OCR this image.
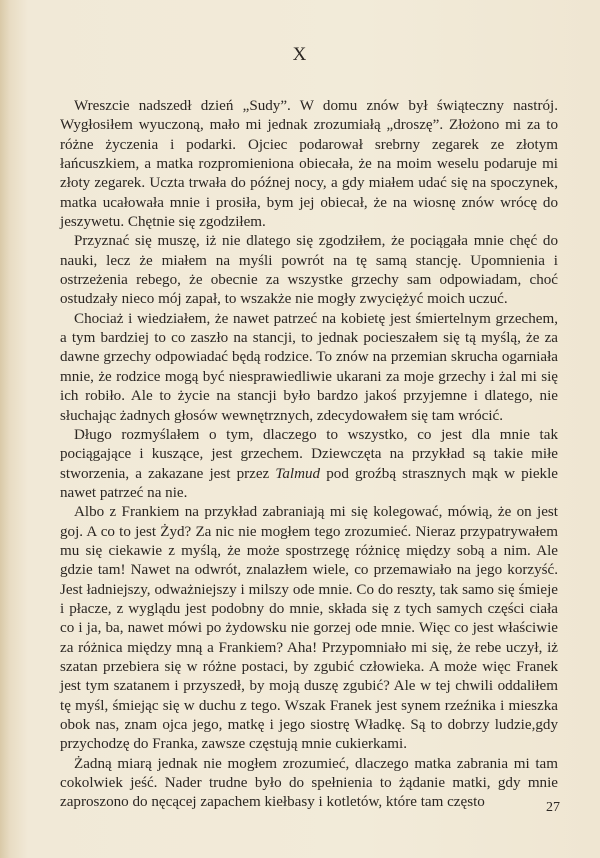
X

Wreszcie nadszedł dzień „Sudy”. W domu znów był świąteczny nastrój. Wygłosiłem wyuczoną, mało mi jednak zrozumiałą „droszę”. Złożono mi za to różne życzenia i podarki. Ojciec podarował srebrny zegarek ze złotym łańcuszkiem, a matka rozpromieniona obiecała, że na moim weselu podaruje mi złoty zegarek. Uczta trwała do późnej nocy, a gdy miałem udać się na spoczynek, matka ucałowała mnie i prosiła, bym jej obiecał, że na wiosnę znów wrócę do jeszywetu. Chętnie się zgodziłem.

Przyznać się muszę, iż nie dlatego się zgodziłem, że pociągała mnie chęć do nauki, lecz że miałem na myśli powrót na tę samą stancję. Upomnienia i ostrzeżenia rebego, że obecnie za wszystke grzechy sam odpowiadam, choć ostudzały nieco mój zapał, to wszakże nie mogły zwyciężyć moich uczuć.

Chociaż i wiedziałem, że nawet patrzeć na kobietę jest śmiertelnym grzechem, a tym bardziej to co zaszło na stancji, to jednak pocieszałem się tą myślą, że za dawne grzechy odpowiadać będą rodzice. To znów na przemian skrucha ogarniała mnie, że rodzice mogą być niesprawiedliwie ukarani za moje grzechy i żal mi się ich robiło. Ale to życie na stancji było bardzo jakoś przyjemne i dlatego, nie słuchając żadnych głosów wewnętrznych, zdecydowałem się tam wrócić.

Długo rozmyślałem o tym, dlaczego to wszystko, co jest dla mnie tak pociągające i kuszące, jest grzechem. Dziewczęta na przykład są takie miłe stworzenia, a zakazane jest przez Talmud pod groźbą strasznych mąk w piekle nawet patrzeć na nie.

Albo z Frankiem na przykład zabraniają mi się kolegować, mówią, że on jest goj. A co to jest Żyd? Za nic nie mogłem tego zrozumieć. Nieraz przypatrywałem mu się ciekawie z myślą, że może spostrzegę różnicę między sobą a nim. Ale gdzie tam! Nawet na odwrót, znalazłem wiele, co przemawiało na jego korzyść. Jest ładniejszy, odważniejszy i milszy ode mnie. Co do reszty, tak samo się śmieje i płacze, z wyglądu jest podobny do mnie, składa się z tych samych części ciała co i ja, ba, nawet mówi po żydowsku nie gorzej ode mnie. Więc co jest właściwie za różnica między mną a Frankiem? Aha! Przypomniało mi się, że rebe uczył, iż szatan przebiera się w różne postaci, by zgubić człowieka. A może więc Franek jest tym szatanem i przyszedł, by moją duszę zgubić? Ale w tej chwili oddaliłem tę myśl, śmiejąc się w duchu z tego. Wszak Franek jest synem rzeźnika i mieszka obok nas, znam ojca jego, matkę i jego siostrę Władkę. Są to dobrzy ludzie,gdy przychodzę do Franka, zawsze częstują mnie cukierkami.

Żadną miarą jednak nie mogłem zrozumieć, dlaczego matka zabrania mi tam cokolwiek jeść. Nader trudne było do spełnienia to żądanie matki, gdy mnie zaproszono do nęcącej zapachem kiełbasy i kotletów, które tam często	27
